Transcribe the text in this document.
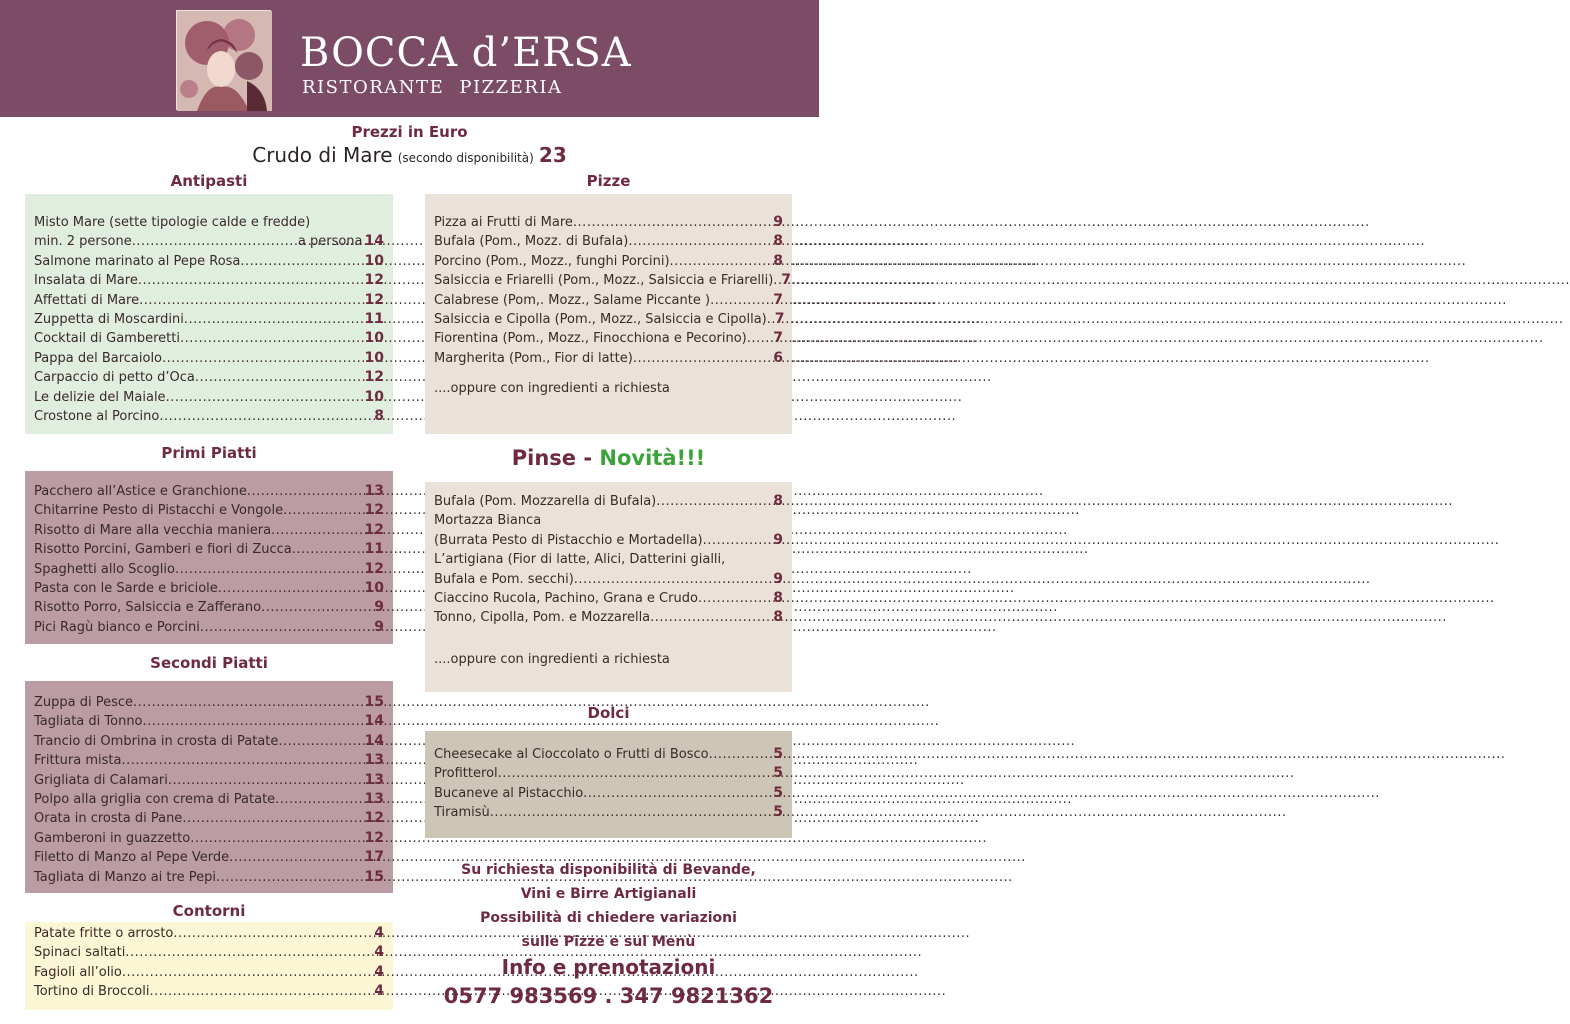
BOCCA d’ERSA
RISTORANTE PIZZERIA
Prezzi in Euro
Crudo di Mare (secondo disponibilità) 23
Antipasti
Misto Mare (sette tipologie calde e fredde)
min. 2 persone .....	a persona 14
Salmone marinato al Pepe Rosa .....	10
Insalata di Mare .....	12
Affettati di Mare .....	12
Zuppetta di Moscardini .....	11
Cocktail di Gamberetti .....	10
Pappa del Barcaiolo .....	10
Carpaccio di petto d’Oca .....	12
Le delizie del Maiale .....	10
Crostone al Porcino .....	8
Primi Piatti
Pacchero all’Astice e Granchione .....	13
Chitarrine Pesto di Pistacchi e Vongole .....	12
Risotto di Mare alla vecchia maniera .....	12
Risotto Porcini, Gamberi e fiori di Zucca .....	11
Spaghetti allo Scoglio .....	12
Pasta con le Sarde e briciole .....	10
Risotto Porro, Salsiccia e Zafferano .....	9
Pici Ragù bianco e Porcini .....	9
Secondi Piatti
Zuppa di Pesce .....	15
Tagliata di Tonno .....	14
Trancio di Ombrina in crosta di Patate .....	14
Frittura mista .....	13
Grigliata di Calamari .....	13
Polpo alla griglia con crema di Patate .....	13
Orata in crosta di Pane .....	12
Gamberoni in guazzetto .....	12
Filetto di Manzo al Pepe Verde .....	17
Tagliata di Manzo ai tre Pepi .....	15
Contorni
Patate fritte o arrosto .....	4
Spinaci saltati .....	4
Fagioli all’olio .....	4
Tortino di Broccoli .....	4
Pizze
Pizza ai Frutti di Mare .....	9
Bufala (Pom., Mozz. di Bufala) .....	8
Porcino (Pom., Mozz., funghi Porcini) .....	8
Salsiccia e Friarelli (Pom., Mozz., Salsiccia e Friarelli) ..... 7
Calabrese (Pom,. Mozz., Salame Piccante ) .....	7
Salsiccia e Cipolla (Pom., Mozz., Salsiccia e Cipolla) ..... 7
Fiorentina (Pom., Mozz., Finocchiona e Pecorino) ..... 7
Margherita (Pom., Fior di latte) .....	6
....oppure con ingredienti a richiesta
Pinse - Novità!!!
Bufala (Pom. Mozzarella di Bufala) .....	8
Mortazza Bianca
(Burrata Pesto di Pistacchio e Mortadella) .....	9
L’artigiana (Fior di latte, Alici, Datterini gialli,
Bufala e Pom. secchi) .....	9
Ciaccino Rucola, Pachino, Grana e Crudo .....	8
Tonno, Cipolla, Pom. e Mozzarella .....	8
....oppure con ingredienti a richiesta
Dolci
Cheesecake al Cioccolato o Frutti di Bosco .....	5
Profitterol .....	5
Bucaneve al Pistacchio .....	5
Tiramisù .....	5
Su richiesta disponibilità di Bevande,
Vini e Birre Artigianali
Possibilità di chiedere variazioni
sulle Pizze e sul Menù
Info e prenotazioni
0577 983569 . 347 9821362
